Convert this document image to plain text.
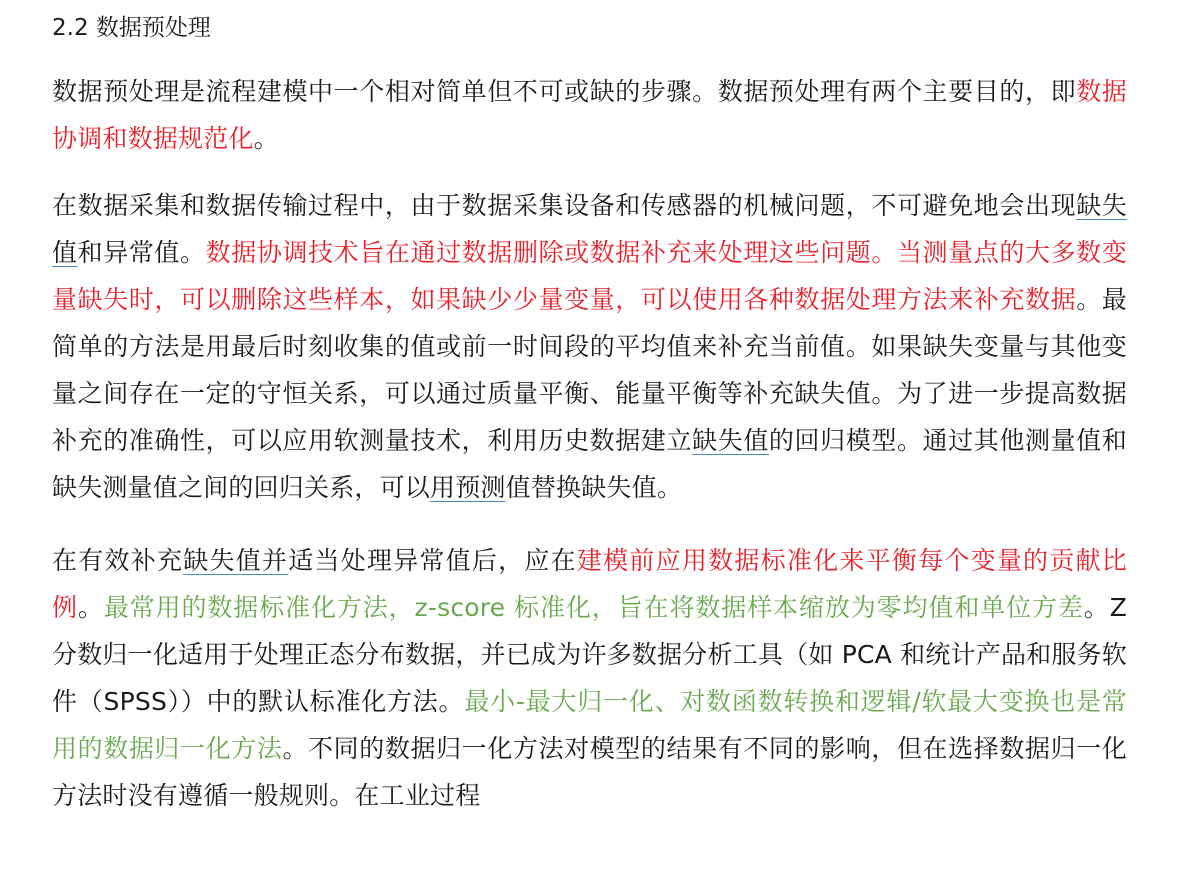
2.2 数据预处理

数据预处理是流程建模中一个相对简单但不可或缺的步骤。数据预处理有两个主要目的，即数据协调和数据规范化。

在数据采集和数据传输过程中，由于数据采集设备和传感器的机械问题，不可避免地会出现缺失值和异常值。数据协调技术旨在通过数据删除或数据补充来处理这些问题。当测量点的大多数变量缺失时，可以删除这些样本，如果缺少少量变量，可以使用各种数据处理方法来补充数据。最简单的方法是用最后时刻收集的值或前一时间段的平均值来补充当前值。如果缺失变量与其他变量之间存在一定的守恒关系，可以通过质量平衡、能量平衡等补充缺失值。为了进一步提高数据补充的准确性，可以应用软测量技术，利用历史数据建立缺失值的回归模型。通过其他测量值和缺失测量值之间的回归关系，可以用预测值替换缺失值。

在有效补充缺失值并适当处理异常值后，应在建模前应用数据标准化来平衡每个变量的贡献比例。最常用的数据标准化方法，z-score 标准化，旨在将数据样本缩放为零均值和单位方差。Z 分数归一化适用于处理正态分布数据，并已成为许多数据分析工具（如 PCA 和统计产品和服务软件（SPSS））中的默认标准化方法。最小-最大归一化、对数函数转换和逻辑/软最大变换也是常用的数据归一化方法。不同的数据归一化方法对模型的结果有不同的影响，但在选择数据归一化方法时没有遵循一般规则。在工业过程
